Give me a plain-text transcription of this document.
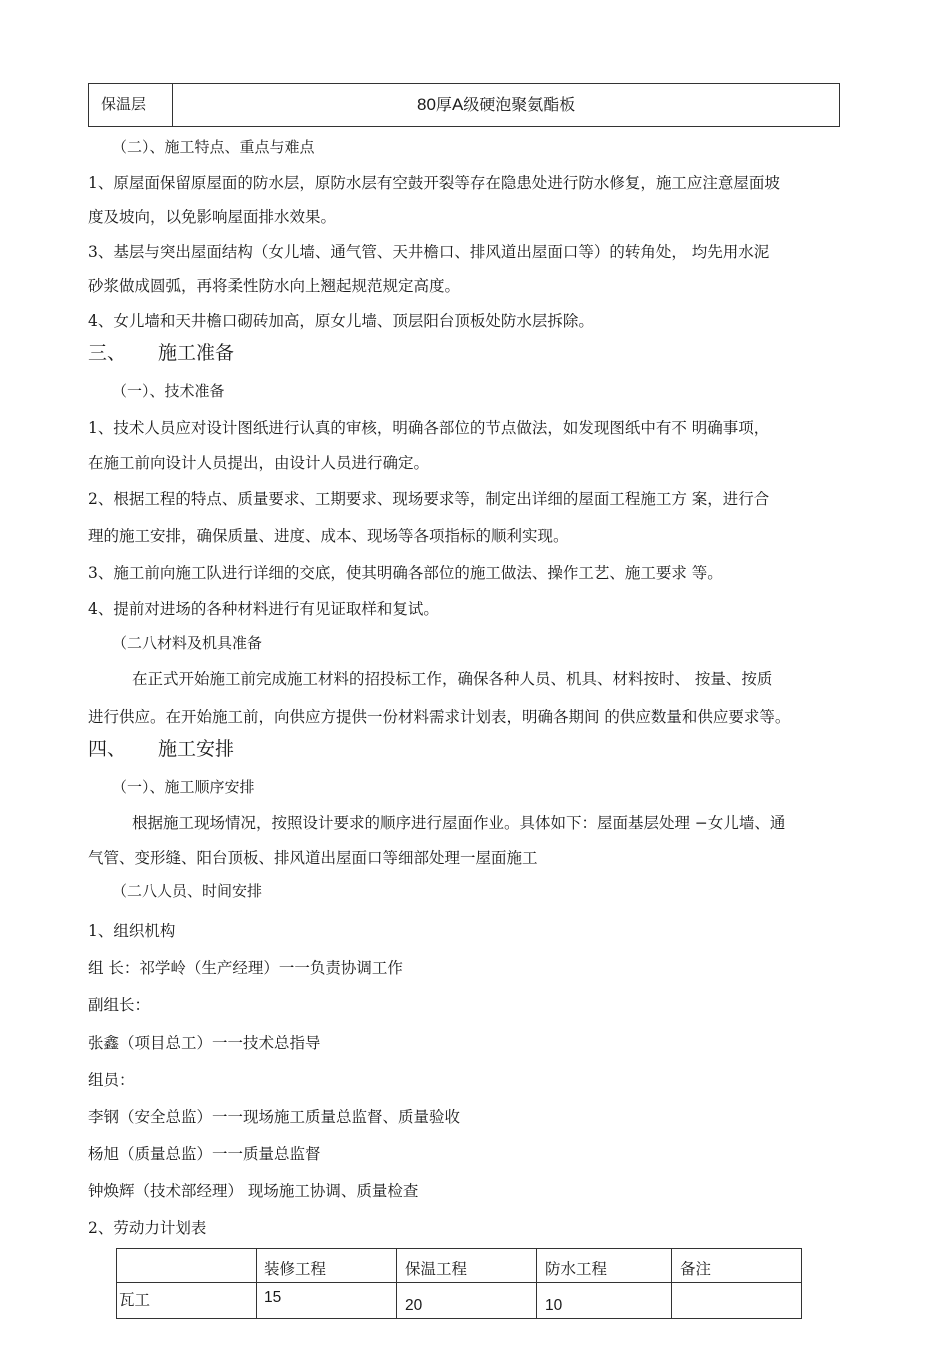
保温层	80厚A级硬泡聚氨酯板
（二）、施工特点、重点与难点
1、原屋面保留原屋面的防水层，原防水层有空鼓开裂等存在隐患处进行防水修复，施工应注意屋面坡
度及坡向，以免影响屋面排水效果。
3、基层与突出屋面结构（女儿墙、通气管、天井檐口、排风道出屋面口等）的转角处， 均先用水泥
砂浆做成圆弧，再将柔性防水向上翘起规范规定高度。
4、女儿墙和天井檐口砌砖加高，原女儿墙、顶层阳台顶板处防水层拆除。
三、 施工准备
（一）、技术准备
1、技术人员应对设计图纸进行认真的审核，明确各部位的节点做法，如发现图纸中有不 明确事项，
在施工前向设计人员提出，由设计人员进行确定。
2、根据工程的特点、质量要求、工期要求、现场要求等，制定出详细的屋面工程施工方 案，进行合
理的施工安排，确保质量、进度、成本、现场等各项指标的顺利实现。
3、施工前向施工队进行详细的交底，使其明确各部位的施工做法、操作工艺、施工要求 等。
4、提前对进场的各种材料进行有见证取样和复试。
（二八材料及机具准备
在正式开始施工前完成施工材料的招投标工作，确保各种人员、机具、材料按时、 按量、按质
进行供应。在开始施工前，向供应方提供一份材料需求计划表，明确各期间 的供应数量和供应要求等。
四、 施工安排
（一）、施工顺序安排
根据施工现场情况，按照设计要求的顺序进行屋面作业。具体如下：屋面基层处理 −女儿墙、通
气管、变形缝、阳台顶板、排风道出屋面口等细部处理一屋面施工
（二八人员、时间安排
1、组织机构
组 长：祁学岭（生产经理）一一负责协调工作
副组长：
张鑫（项目总工）一一技术总指导
组员：
李钢（安全总监）一一现场施工质量总监督、质量验收
杨旭（质量总监）一一质量总监督
钟焕辉（技术部经理） 现场施工协调、质量检查
2、劳动力计划表
	装修工程	保温工程	防水工程	备注
瓦工	15	20	10	
